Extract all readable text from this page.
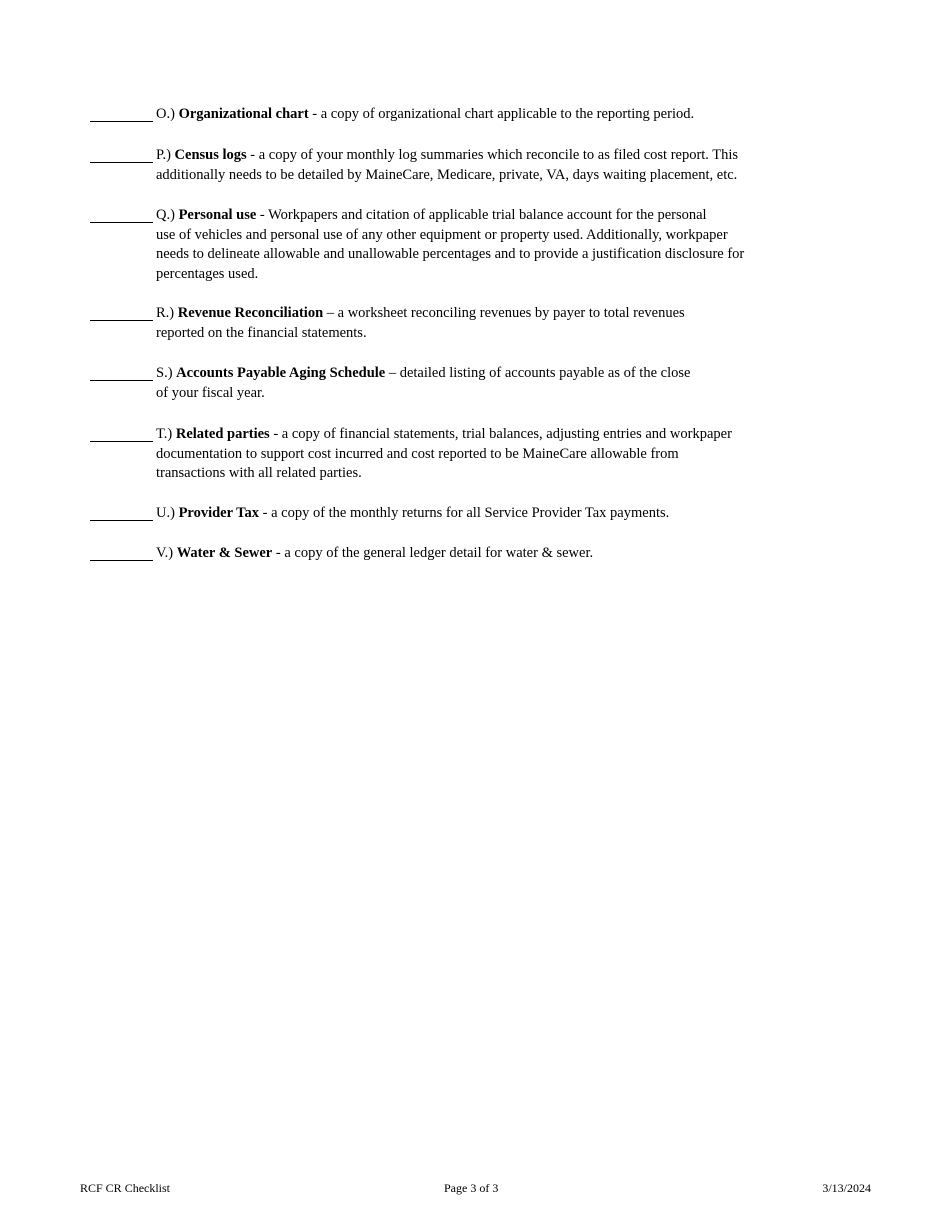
O.) Organizational chart - a copy of organizational chart applicable to the reporting period.

P.) Census logs - a copy of your monthly log summaries which reconcile to as filed cost report. This

additionally needs to be detailed by MaineCare, Medicare, private, VA, days waiting placement, etc.

Q.) Personal use - Workpapers and citation of applicable trial balance account for the personal

use of vehicles and personal use of any other equipment or property used. Additionally, workpaper

needs to delineate allowable and unallowable percentages and to provide a justification disclosure for

percentages used.

R.) Revenue Reconciliation – a worksheet reconciling revenues by payer to total revenues

reported on the financial statements.

S.) Accounts Payable Aging Schedule – detailed listing of accounts payable as of the close

of your fiscal year.

T.) Related parties - a copy of financial statements, trial balances, adjusting entries and workpaper

documentation to support cost incurred and cost reported to be MaineCare allowable from

transactions with all related parties.

U.) Provider Tax - a copy of the monthly returns for all Service Provider Tax payments.

V.) Water & Sewer - a copy of the general ledger detail for water & sewer.

RCF CR Checklist	Page 3 of 3	3/13/2024
